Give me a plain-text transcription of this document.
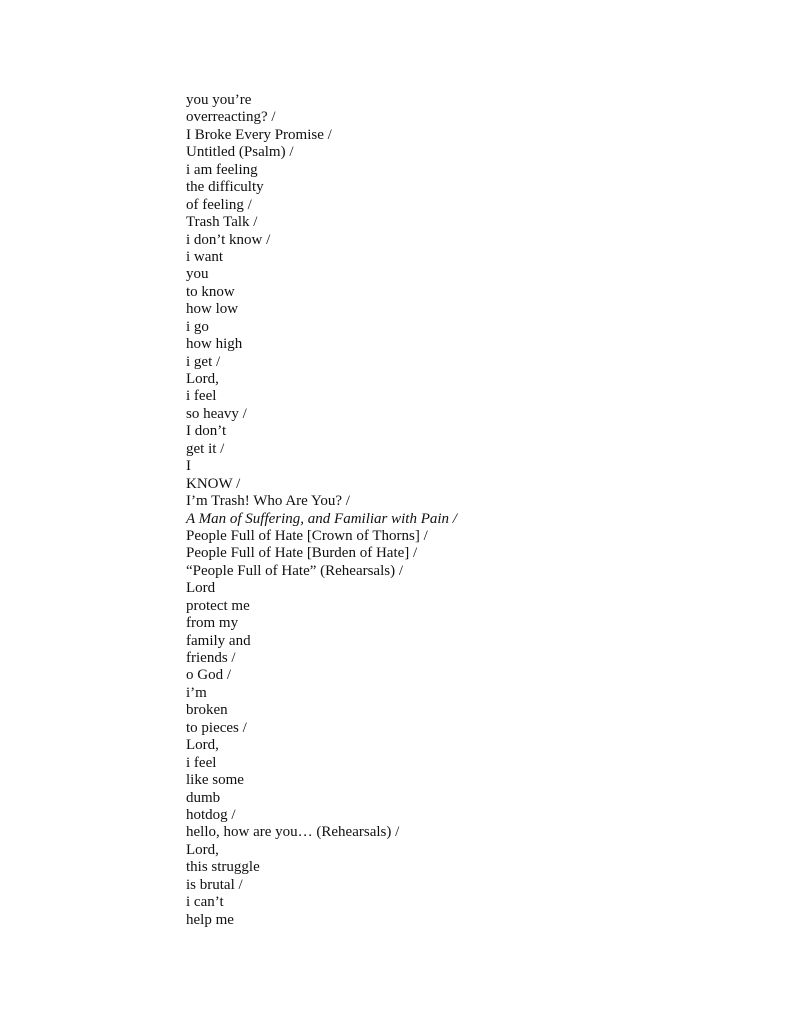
you you’re
overreacting? /
I Broke Every Promise /
Untitled (Psalm) /
i am feeling
the difficulty
of feeling /
Trash Talk /
i don’t know /
i want
you
to know
how low
i go
how high
i get /
Lord,
i feel
so heavy /
I don’t
get it /
I
KNOW /
I’m Trash! Who Are You? /
A Man of Suffering, and Familiar with Pain /
People Full of Hate [Crown of Thorns] /
People Full of Hate [Burden of Hate] /
“People Full of Hate” (Rehearsals) /
Lord
protect me
from my
family and
friends /
o God /
i’m
broken
to pieces /
Lord,
i feel
like some
dumb
hotdog /
hello, how are you… (Rehearsals) /
Lord,
this struggle
is brutal /
i can’t
help me
